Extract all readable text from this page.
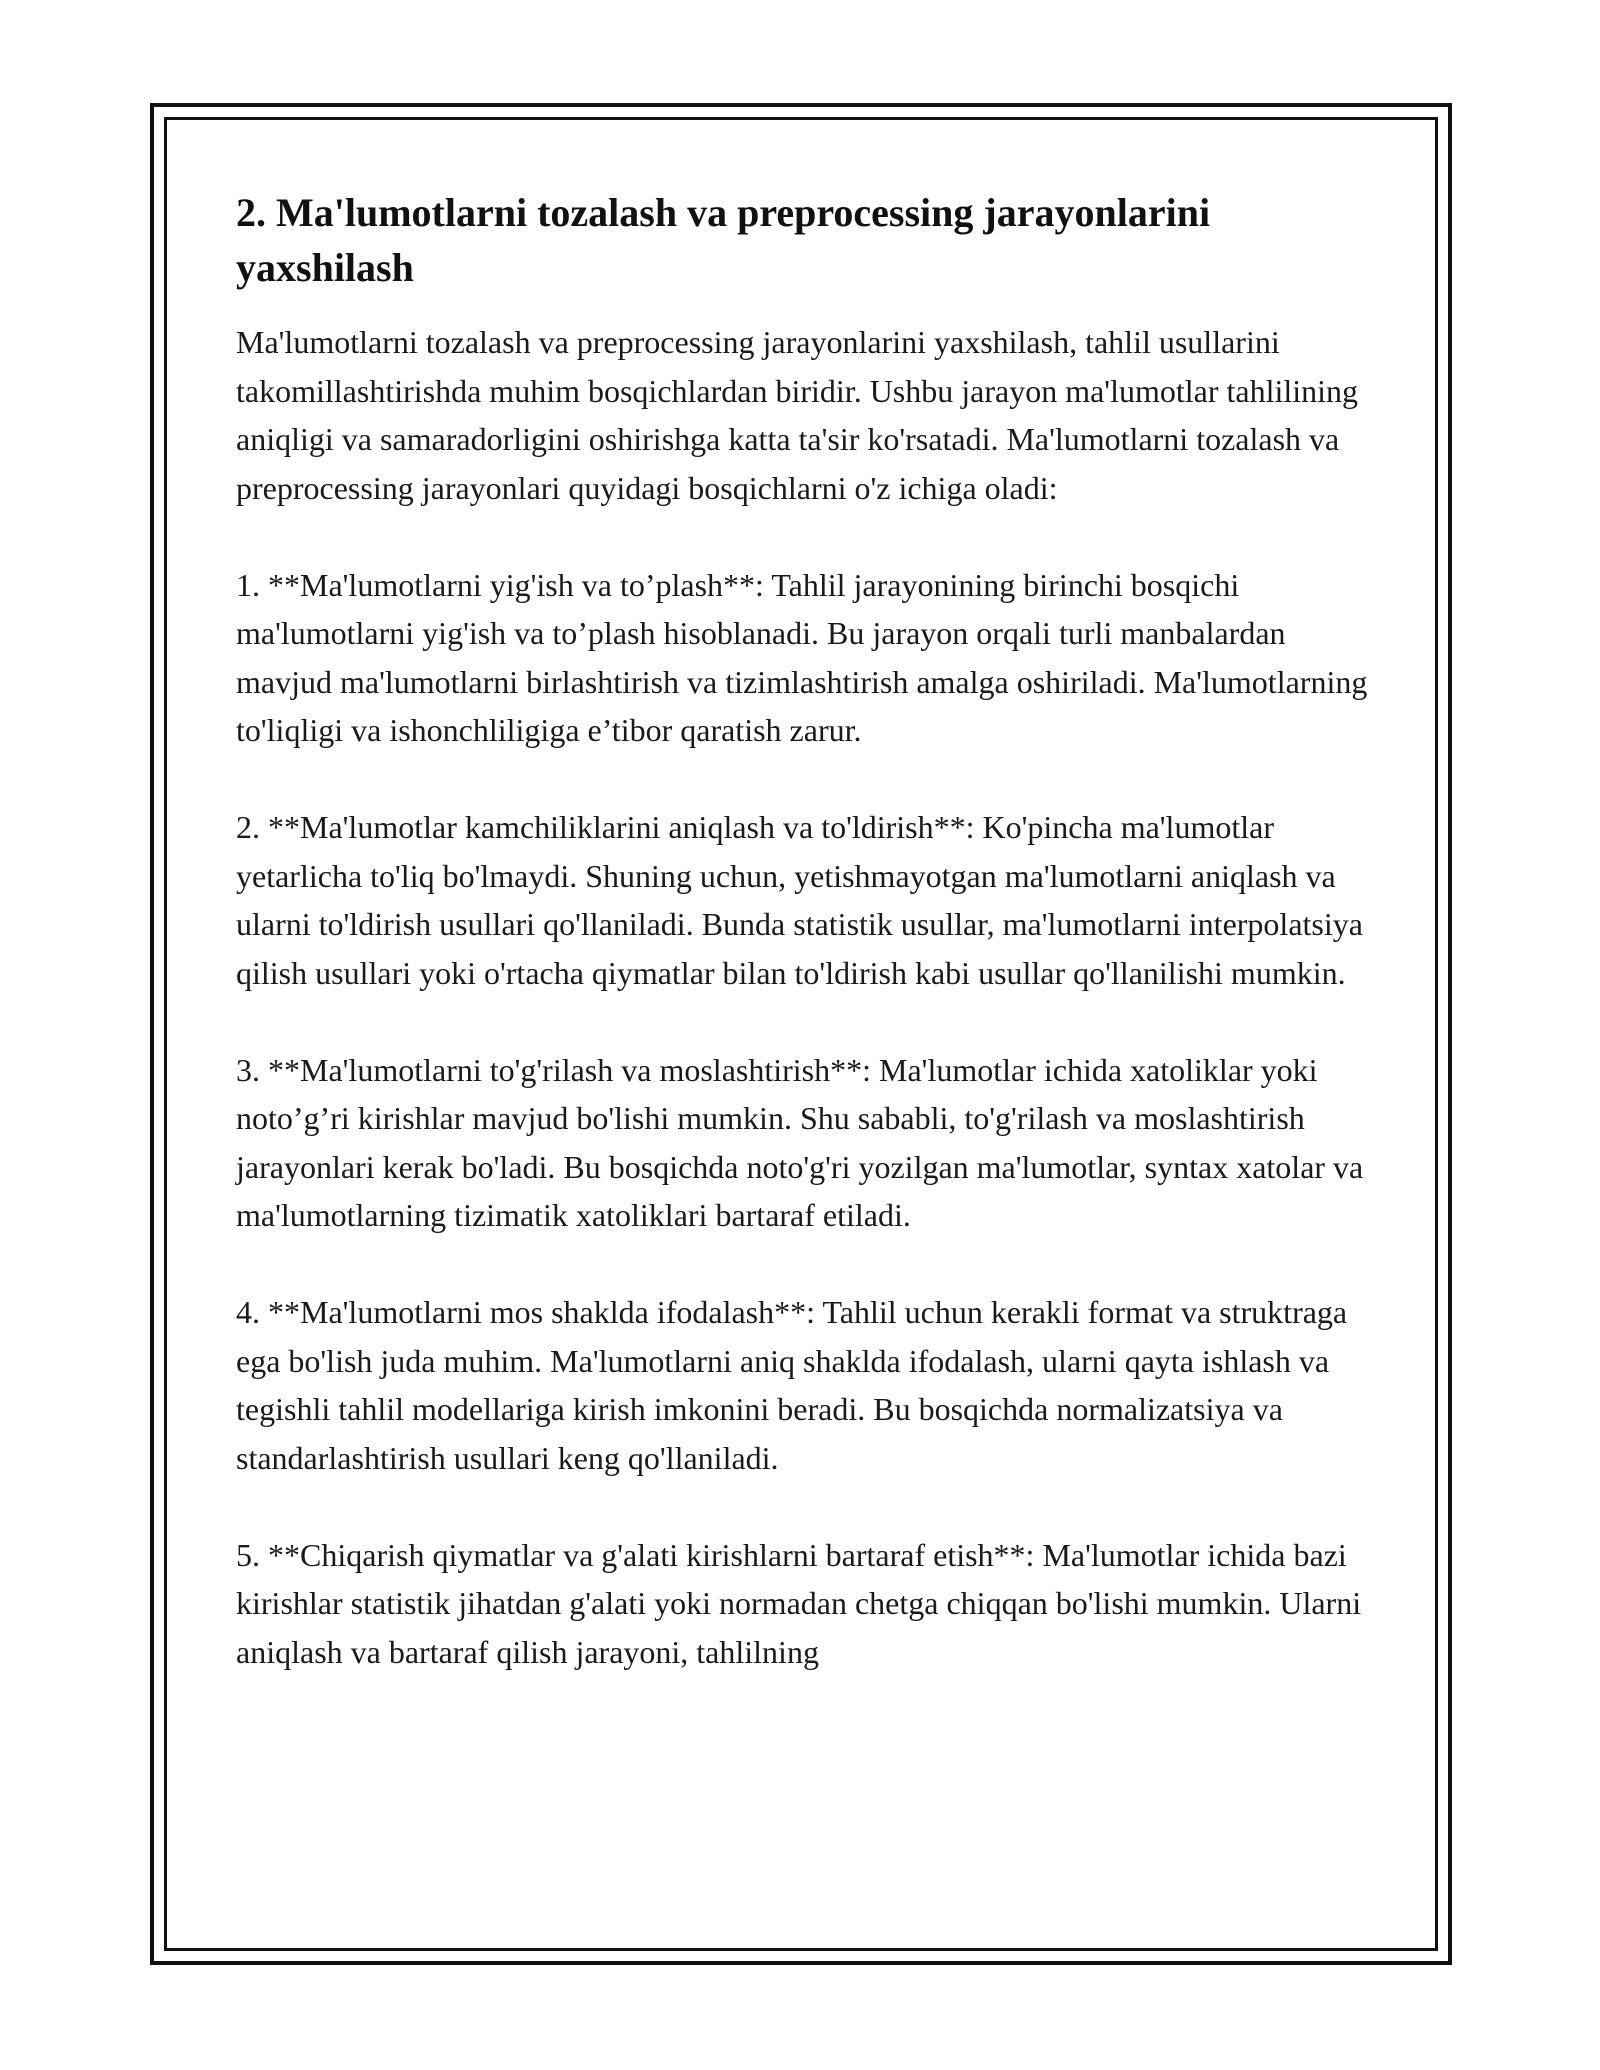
2. Ma'lumotlarni tozalash va preprocessing jarayonlarini yaxshilash

Ma'lumotlarni tozalash va preprocessing jarayonlarini yaxshilash, tahlil usullarini takomillashtirishda muhim bosqichlardan biridir. Ushbu jarayon ma'lumotlar tahlilining aniqligi va samaradorligini oshirishga katta ta'sir ko'rsatadi. Ma'lumotlarni tozalash va preprocessing jarayonlari quyidagi bosqichlarni o'z ichiga oladi:

1. **Ma'lumotlarni yig'ish va to’plash**: Tahlil jarayonining birinchi bosqichi ma'lumotlarni yig'ish va to’plash hisoblanadi. Bu jarayon orqali turli manbalardan mavjud ma'lumotlarni birlashtirish va tizimlashtirish amalga oshiriladi. Ma'lumotlarning to'liqligi va ishonchliligiga e’tibor qaratish zarur.

2. **Ma'lumotlar kamchiliklarini aniqlash va to'ldirish**: Ko'pincha ma'lumotlar yetarlicha to'liq bo'lmaydi. Shuning uchun, yetishmayotgan ma'lumotlarni aniqlash va ularni to'ldirish usullari qo'llaniladi. Bunda statistik usullar, ma'lumotlarni interpolatsiya qilish usullari yoki o'rtacha qiymatlar bilan to'ldirish kabi usullar qo'llanilishi mumkin.

3. **Ma'lumotlarni to'g'rilash va moslashtirish**: Ma'lumotlar ichida xatoliklar yoki noto’g’ri kirishlar mavjud bo'lishi mumkin. Shu sababli, to'g'rilash va moslashtirish jarayonlari kerak bo'ladi. Bu bosqichda noto'g'ri yozilgan ma'lumotlar, syntax xatolar va ma'lumotlarning tizimatik xatoliklari bartaraf etiladi.

4. **Ma'lumotlarni mos shaklda ifodalash**: Tahlil uchun kerakli format va struktraga ega bo'lish juda muhim. Ma'lumotlarni aniq shaklda ifodalash, ularni qayta ishlash va tegishli tahlil modellariga kirish imkonini beradi. Bu bosqichda normalizatsiya va standarlashtirish usullari keng qo'llaniladi.

5. **Chiqarish qiymatlar va g'alati kirishlarni bartaraf etish**: Ma'lumotlar ichida bazi kirishlar statistik jihatdan g'alati yoki normadan chetga chiqqan bo'lishi mumkin. Ularni aniqlash va bartaraf qilish jarayoni, tahlilning
